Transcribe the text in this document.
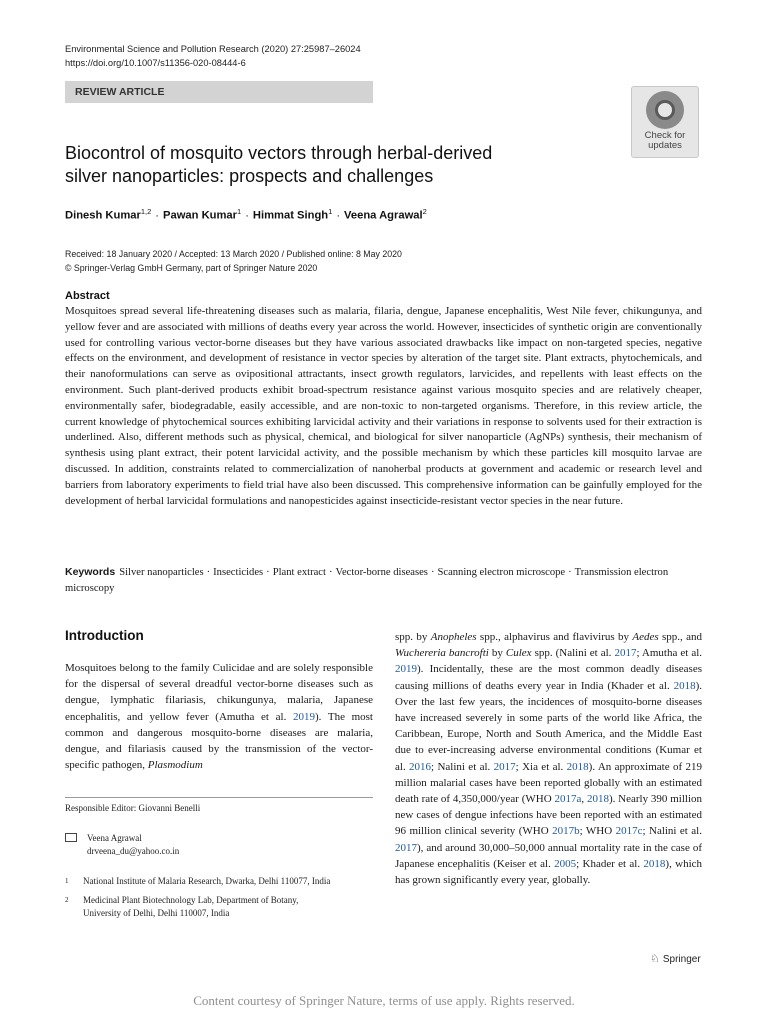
Environmental Science and Pollution Research (2020) 27:25987–26024
https://doi.org/10.1007/s11356-020-08444-6
REVIEW ARTICLE
Check for
updates
Biocontrol of mosquito vectors through herbal-derived
silver nanoparticles: prospects and challenges
Dinesh Kumar$^{1,2}$ · Pawan Kumar$^1$ · Himmat Singh$^1$ · Veena Agrawal$^2$
Received: 18 January 2020 / Accepted: 13 March 2020 / Published online: 8 May 2020
© Springer-Verlag GmbH Germany, part of Springer Nature 2020
Abstract
Mosquitoes spread several life-threatening diseases such as malaria, filaria, dengue, Japanese encephalitis, West Nile fever, chikungunya, and yellow fever and are associated with millions of deaths every year across the world. However, insecticides of synthetic origin are conventionally used for controlling various vector-borne diseases but they have various associated drawbacks like impact on non-targeted species, negative effects on the environment, and development of resistance in vector species by alteration of the target site. Plant extracts, phytochemicals, and their nanoformulations can serve as ovipositional attractants, insect growth regulators, larvicides, and repellents with least effects on the environment. Such plant-derived products exhibit broad-spectrum resistance against various mosquito species and are relatively cheaper, environmentally safer, biodegradable, easily accessible, and are non-toxic to non-targeted organisms. Therefore, in this review article, the current knowledge of phytochemical sources exhibiting larvicidal activity and their variations in response to solvents used for their extraction is underlined. Also, different methods such as physical, chemical, and biological for silver nanoparticle (AgNPs) synthesis, their mechanism of synthesis using plant extract, their potent larvicidal activity, and the possible mechanism by which these particles kill mosquito larvae are discussed. In addition, constraints related to commercialization of nanoherbal products at government and academic or research level and barriers from laboratory experiments to field trial have also been discussed. This comprehensive information can be gainfully employed for the development of herbal larvicidal formulations and nanopesticides against insecticide-resistant vector species in the near future.
Keywords Silver nanoparticles · Insecticides · Plant extract · Vector-borne diseases · Scanning electron microscope · Transmission electron microscopy
Introduction
Mosquitoes belong to the family Culicidae and are solely responsible for the dispersal of several dreadful vector-borne diseases such as dengue, lymphatic filariasis, chikungunya, malaria, Japanese encephalitis, and yellow fever (Amutha et al. 2019). The most common and dangerous mosquito-borne diseases are malaria, dengue, and filariasis caused by the transmission of the vector-specific pathogen, Plasmodium
spp. by Anopheles spp., alphavirus and flavivirus by Aedes spp., and Wuchereria bancrofti by Culex spp. (Nalini et al. 2017; Amutha et al. 2019). Incidentally, these are the most common deadly diseases causing millions of deaths every year in India (Khader et al. 2018). Over the last few years, the incidences of mosquito-borne diseases have increased severely in some parts of the world like Africa, the Caribbean, Europe, North and South America, and the Middle East due to ever-increasing adverse environmental conditions (Kumar et al. 2016; Nalini et al. 2017; Xia et al. 2018). An approximate of 219 million malarial cases have been reported globally with an estimated death rate of 4,350,000/year (WHO 2017a, 2018). Nearly 390 million new cases of dengue infections have been reported with an estimated 96 million clinical severity (WHO 2017b; WHO 2017c; Nalini et al. 2017), and around 30,000–50,000 annual mortality rate in the case of Japanese encephalitis (Keiser et al. 2005; Khader et al. 2018), which has grown significantly every year, globally.
Responsible Editor: Giovanni Benelli
Veena Agrawal
drveena_du@yahoo.co.in
1 National Institute of Malaria Research, Dwarka, Delhi 110077, India
2 Medicinal Plant Biotechnology Lab, Department of Botany,
University of Delhi, Delhi 110007, India
♘ Springer
Content courtesy of Springer Nature, terms of use apply. Rights reserved.
